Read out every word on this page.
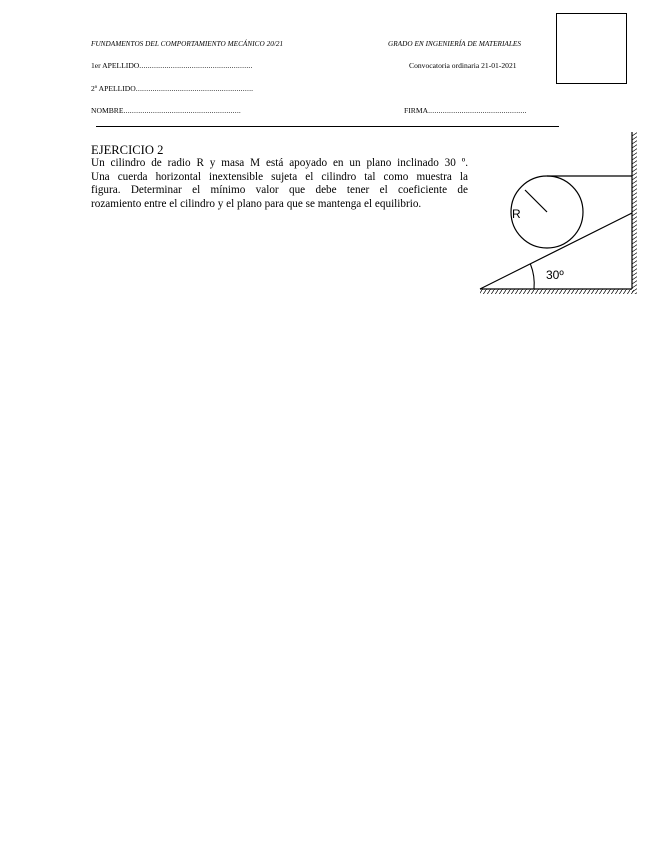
FUNDAMENTOS DEL COMPORTAMIENTO MECÁNICO 20/21	GRADO EN INGENIERÍA DE MATERIALES
1er APELLIDO......................................................	Convocatoria ordinaria 21-01-2021
2º APELLIDO........................................................
NOMBRE........................................................	FIRMA...............................................
EJERCICIO 2
Un cilindro de radio R y masa M está apoyado en un plano inclinado 30 º.
Una cuerda horizontal inextensible sujeta el cilindro tal como muestra la
figura. Determinar el mínimo valor que debe tener el coeficiente de
rozamiento entre el cilindro y el plano para que se mantenga el equilibrio.
R
30º
